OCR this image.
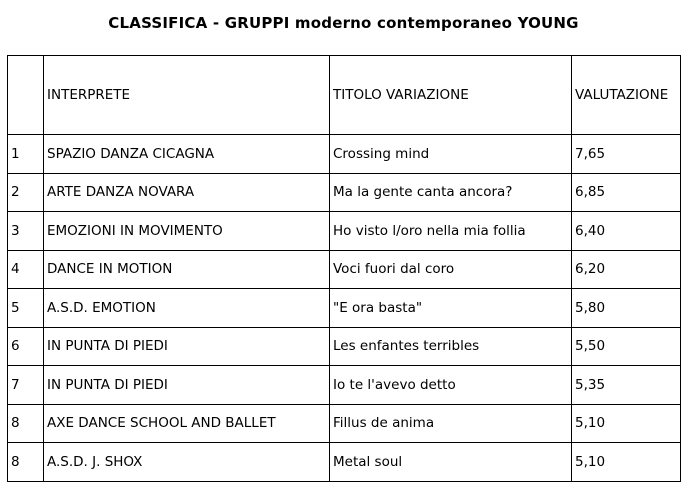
CLASSIFICA - GRUPPI moderno contemporaneo YOUNG
	INTERPRETE	TITOLO VARIAZIONE	VALUTAZIONE
1	SPAZIO DANZA CICAGNA	Crossing mind	7,65
2	ARTE DANZA NOVARA	Ma la gente canta ancora?	6,85
3	EMOZIONI IN MOVIMENTO	Ho visto l/oro nella mia follia	6,40
4	DANCE IN MOTION	Voci fuori dal coro	6,20
5	A.S.D. EMOTION	"E ora basta"	5,80
6	IN PUNTA DI PIEDI	Les enfantes terribles	5,50
7	IN PUNTA DI PIEDI	Io te l'avevo detto	5,35
8	AXE DANCE SCHOOL AND BALLET	Fillus de anima	5,10
8	A.S.D. J. SHOX	Metal soul	5,10
